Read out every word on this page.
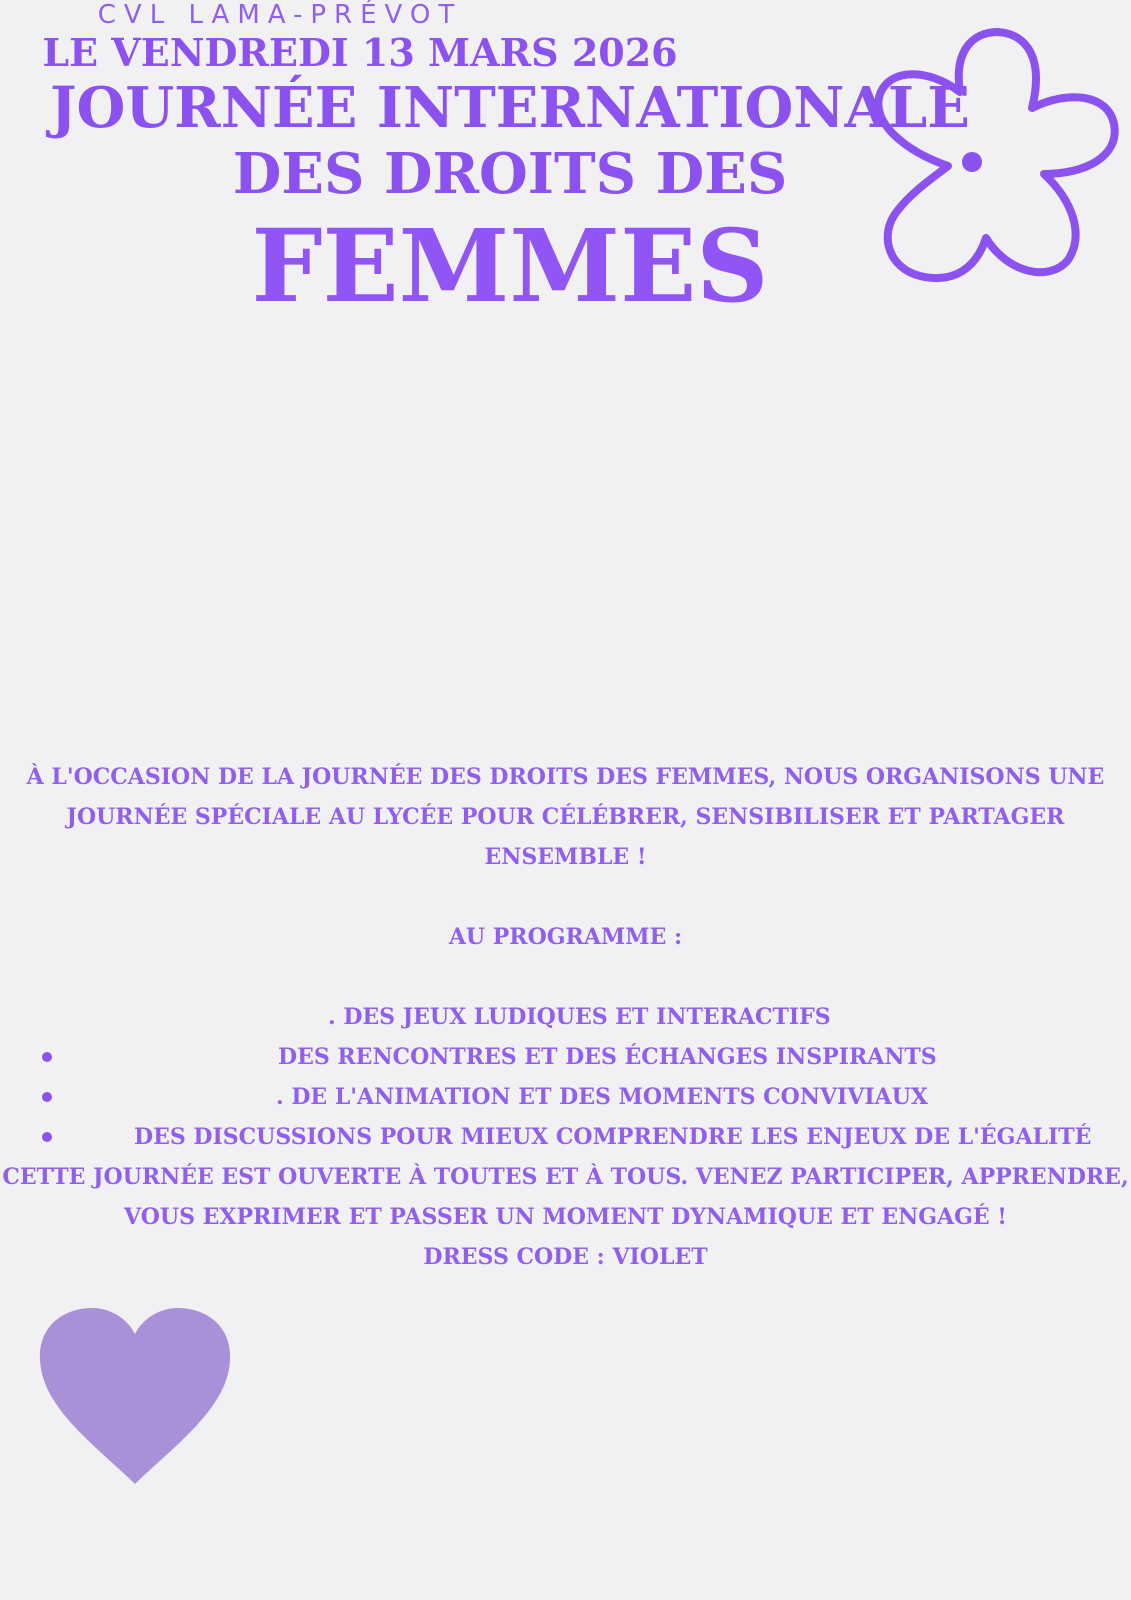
CVL LAMA-PRÉVOT
LE VENDREDI 13 MARS 2026
JOURNÉE INTERNATIONALE
DES DROITS DES
FEMMES
À L'OCCASION DE LA JOURNÉE DES DROITS DES FEMMES, NOUS ORGANISONS UNE
JOURNÉE SPÉCIALE AU LYCÉE POUR CÉLÉBRER, SENSIBILISER ET PARTAGER
ENSEMBLE !
AU PROGRAMME :
. DES JEUX LUDIQUES ET INTERACTIFS
DES RENCONTRES ET DES ÉCHANGES INSPIRANTS
. DE L'ANIMATION ET DES MOMENTS CONVIVIAUX
DES DISCUSSIONS POUR MIEUX COMPRENDRE LES ENJEUX DE L'ÉGALITÉ
CETTE JOURNÉE EST OUVERTE À TOUTES ET À TOUS. VENEZ PARTICIPER, APPRENDRE,
VOUS EXPRIMER ET PASSER UN MOMENT DYNAMIQUE ET ENGAGÉ !
DRESS CODE : VIOLET
